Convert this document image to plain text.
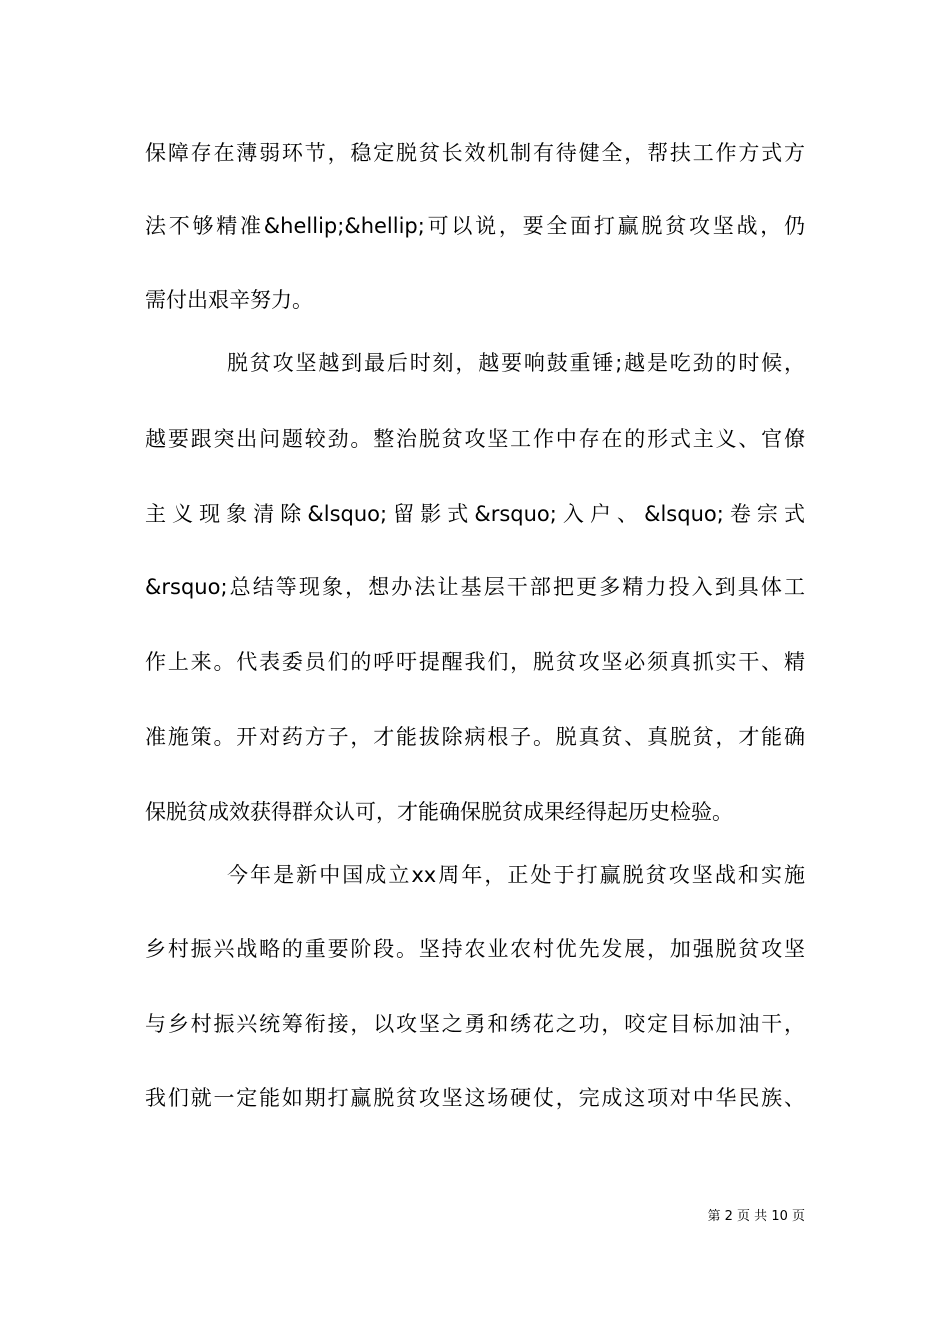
保障存在薄弱环节，稳定脱贫长效机制有待健全，帮扶工作方式方
法不够精准&hellip;&hellip;可以说，要全面打赢脱贫攻坚战，仍
需付出艰辛努力。
脱贫攻坚越到最后时刻，越要响鼓重锤;越是吃劲的时候，
越要跟突出问题较劲。整治脱贫攻坚工作中存在的形式主义、官僚
主义现象清除&lsquo;留影式&rsquo;入户、&lsquo;卷宗式
&rsquo;总结等现象，想办法让基层干部把更多精力投入到具体工
作上来。代表委员们的呼吁提醒我们，脱贫攻坚必须真抓实干、精
准施策。开对药方子，才能拔除病根子。脱真贫、真脱贫，才能确
保脱贫成效获得群众认可，才能确保脱贫成果经得起历史检验。
今年是新中国成立xx周年，正处于打赢脱贫攻坚战和实施
乡村振兴战略的重要阶段。坚持农业农村优先发展，加强脱贫攻坚
与乡村振兴统筹衔接，以攻坚之勇和绣花之功，咬定目标加油干，
我们就一定能如期打赢脱贫攻坚这场硬仗，完成这项对中华民族、
第 2 页 共 10 页
